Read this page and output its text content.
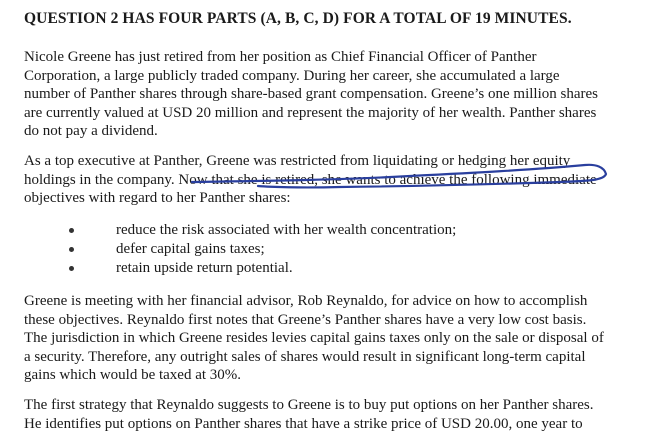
QUESTION 2 HAS FOUR PARTS (A, B, C, D) FOR A TOTAL OF 19 MINUTES.
Nicole Greene has just retired from her position as Chief Financial Officer of Panther
Corporation, a large publicly traded company. During her career, she accumulated a large
number of Panther shares through share-based grant compensation. Greene’s one million shares
are currently valued at USD 20 million and represent the majority of her wealth. Panther shares
do not pay a dividend.
As a top executive at Panther, Greene was restricted from liquidating or hedging her equity
holdings in the company. Now that she is retired, she wants to achieve the following immediate
objectives with regard to her Panther shares:
reduce the risk associated with her wealth concentration;
defer capital gains taxes;
retain upside return potential.
Greene is meeting with her financial advisor, Rob Reynaldo, for advice on how to accomplish
these objectives. Reynaldo first notes that Greene’s Panther shares have a very low cost basis.
The jurisdiction in which Greene resides levies capital gains taxes only on the sale or disposal of
a security. Therefore, any outright sales of shares would result in significant long-term capital
gains which would be taxed at 30%.
The first strategy that Reynaldo suggests to Greene is to buy put options on her Panther shares.
He identifies put options on Panther shares that have a strike price of USD 20.00, one year to
